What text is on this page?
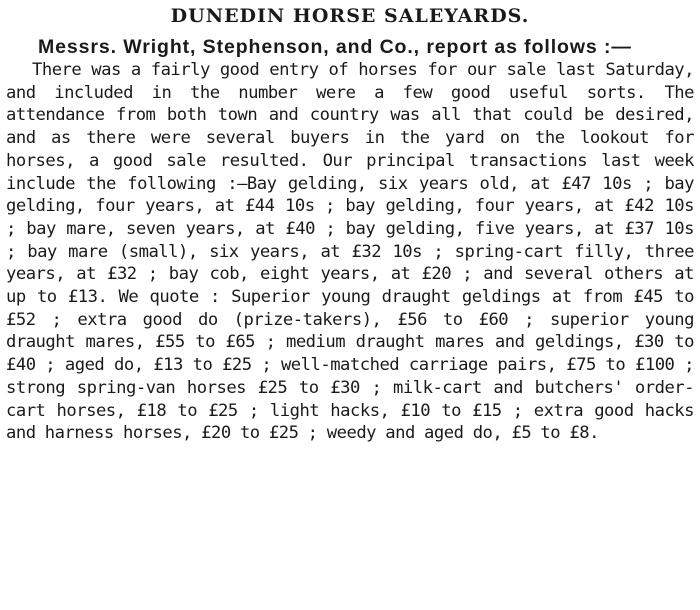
DUNEDIN HORSE SALEYARDS.
Messrs. Wright, Stephenson, and Co., report as follows :—

There was a fairly good entry of horses for our sale last Saturday, and included in the number were a few good useful sorts. The attendance from both town and country was all that could be desired, and as there were several buyers in the yard on the lookout for horses, a good sale resulted. Our principal transactions last week include the following :—Bay gelding, six years old, at £47 10s ; bay gelding, four years, at £44 10s ; bay gelding, four years, at £42 10s ; bay mare, seven years, at £40 ; bay gelding, five years, at £37 10s ; bay mare (small), six years, at £32 10s ; spring-cart filly, three years, at £32 ; bay cob, eight years, at £20 ; and several others at up to £13. We quote : Superior young draught geldings at from £45 to £52 ; extra good do (prize-takers), £56 to £60 ; superior young draught mares, £55 to £65 ; medium draught mares and geldings, £30 to £40 ; aged do, £13 to £25 ; well-matched carriage pairs, £75 to £100 ; strong spring-van horses £25 to £30 ; milk-cart and butchers' order-cart horses, £18 to £25 ; light hacks, £10 to £15 ; extra good hacks and harness horses, £20 to £25 ; weedy and aged do, £5 to £8.
